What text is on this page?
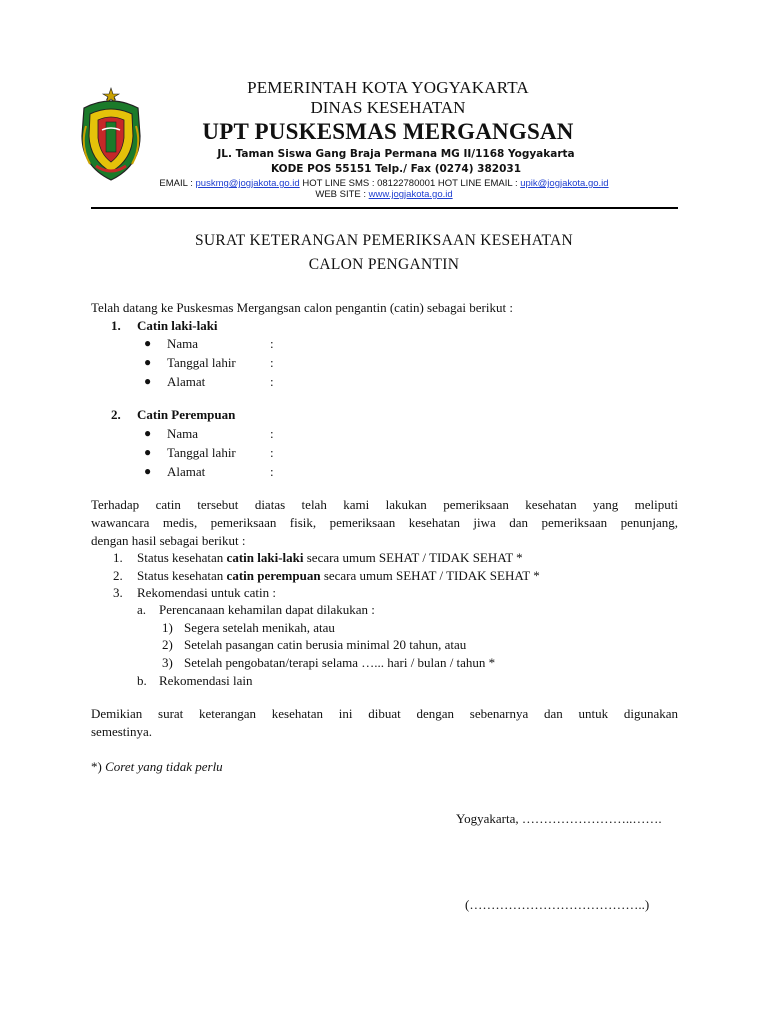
PEMERINTAH KOTA YOGYAKARTA
DINAS KESEHATAN
UPT PUSKESMAS MERGANGSAN
JL. Taman Siswa Gang Braja Permana MG II/1168 Yogyakarta
KODE POS 55151 Telp./ Fax (0274) 382031
EMAIL : puskmg@jogjakota.go.id HOT LINE SMS : 08122780001 HOT LINE EMAIL : upik@jogjakota.go.id
WEB SITE : www.jogjakota.go.id
SURAT KETERANGAN PEMERIKSAAN KESEHATAN
CALON PENGANTIN
Telah datang ke Puskesmas Mergangsan calon pengantin (catin) sebagai berikut :
1. Catin laki-laki
● Nama	:
● Tanggal lahir	:
● Alamat	:
2. Catin Perempuan
● Nama	:
● Tanggal lahir	:
● Alamat	:
Terhadap catin tersebut diatas telah kami lakukan pemeriksaan kesehatan yang meliputi
wawancara medis, pemeriksaan fisik, pemeriksaan kesehatan jiwa dan pemeriksaan penunjang,
dengan hasil sebagai berikut :
1. Status kesehatan catin laki-laki secara umum SEHAT / TIDAK SEHAT *
2. Status kesehatan catin perempuan secara umum SEHAT / TIDAK SEHAT *
3. Rekomendasi untuk catin :
a. Perencanaan kehamilan dapat dilakukan :
1) Segera setelah menikah, atau
2) Setelah pasangan catin berusia minimal 20 tahun, atau
3) Setelah pengobatan/terapi selama …... hari / bulan / tahun *
b. Rekomendasi lain
Demikian surat keterangan kesehatan ini dibuat dengan sebenarnya dan untuk digunakan
semestinya.
*) Coret yang tidak perlu
Yogyakarta, ……………………..…….
(…………………………………..)
